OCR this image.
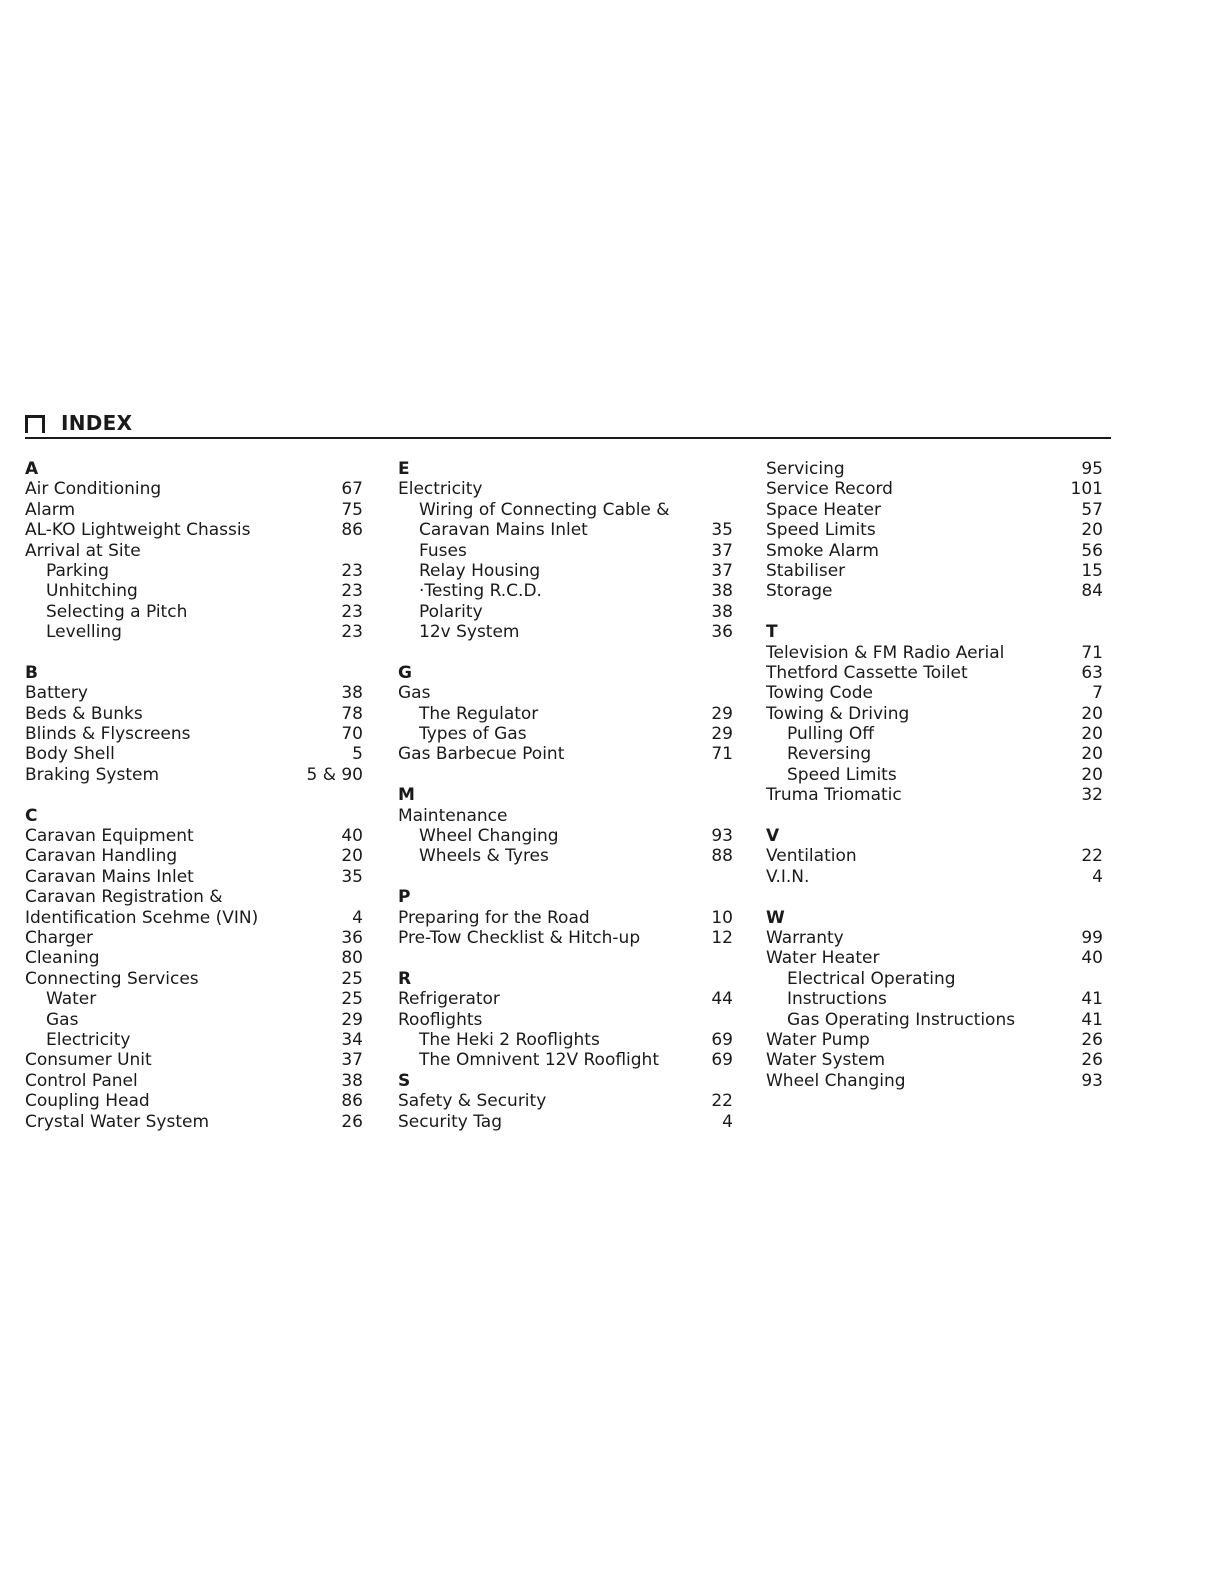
INDEX
A
Air Conditioning	67
Alarm	75
AL-KO Lightweight Chassis	86
Arrival at Site
Parking	23
Unhitching	23
Selecting a Pitch	23
Levelling	23
B
Battery	38
Beds & Bunks	78
Blinds & Flyscreens	70
Body Shell	5
Braking System	5 & 90
C
Caravan Equipment	40
Caravan Handling	20
Caravan Mains Inlet	35
Caravan Registration &
Identification Scehme (VIN)	4
Charger	36
Cleaning	80
Connecting Services	25
Water	25
Gas	29
Electricity	34
Consumer Unit	37
Control Panel	38
Coupling Head	86
Crystal Water System	26
E
Electricity
Wiring of Connecting Cable &
Caravan Mains Inlet	35
Fuses	37
Relay Housing	37
·Testing R.C.D.	38
Polarity	38
12v System	36
G
Gas
The Regulator	29
Types of Gas	29
Gas Barbecue Point	71
M
Maintenance
Wheel Changing	93
Wheels & Tyres	88
P
Preparing for the Road	10
Pre-Tow Checklist & Hitch-up	12
R
Refrigerator	44
Rooflights
The Heki 2 Rooflights	69
The Omnivent 12V Rooflight	69
S
Safety & Security	22
Security Tag	4
Servicing	95
Service Record	101
Space Heater	57
Speed Limits	20
Smoke Alarm	56
Stabiliser	15
Storage	84
T
Television & FM Radio Aerial	71
Thetford Cassette Toilet	63
Towing Code	7
Towing & Driving	20
Pulling Off	20
Reversing	20
Speed Limits	20
Truma Triomatic	32
V
Ventilation	22
V.I.N.	4
W
Warranty	99
Water Heater	40
Electrical Operating
Instructions	41
Gas Operating Instructions	41
Water Pump	26
Water System	26
Wheel Changing	93
